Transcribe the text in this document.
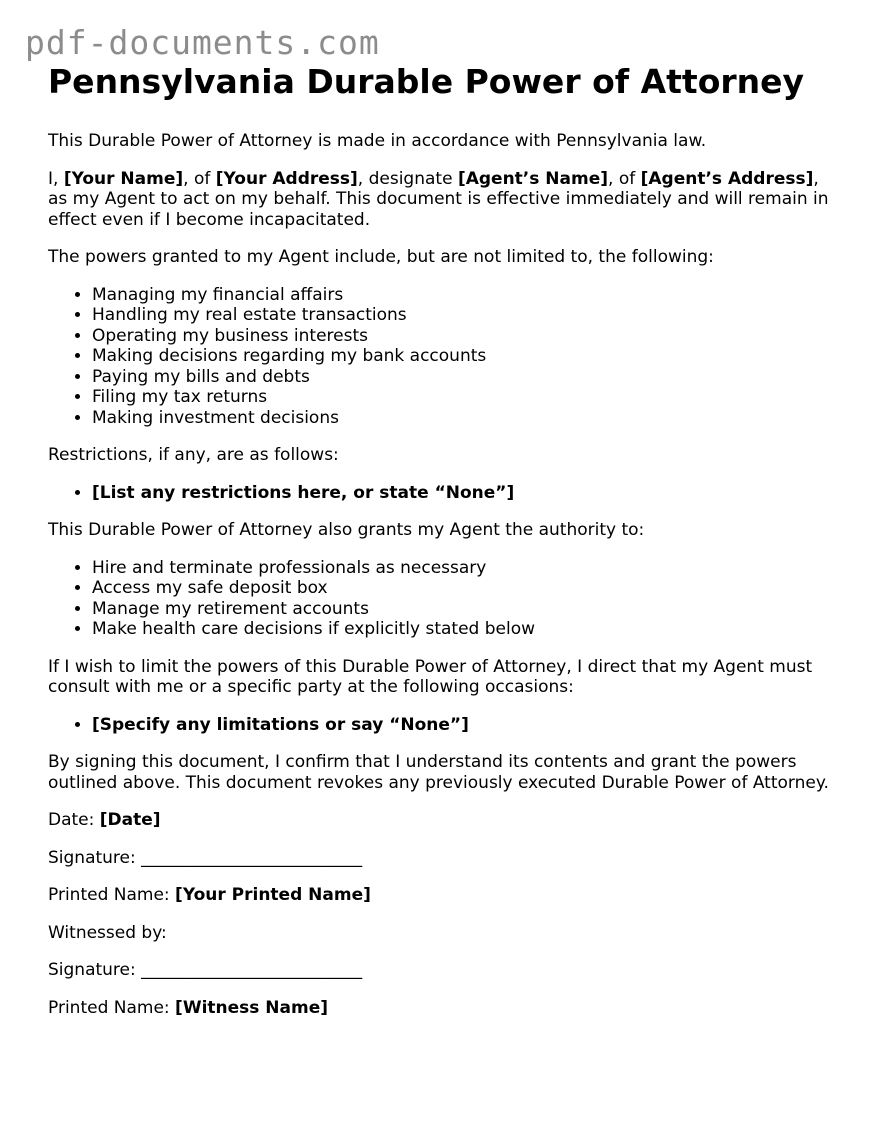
pdf-documents.com
Pennsylvania Durable Power of Attorney

This Durable Power of Attorney is made in accordance with Pennsylvania law.

I, [Your Name], of [Your Address], designate [Agent’s Name], of [Agent’s Address], as my Agent to act on my behalf. This document is effective immediately and will remain in effect even if I become incapacitated.

The powers granted to my Agent include, but are not limited to, the following:

• Managing my financial affairs
• Handling my real estate transactions
• Operating my business interests
• Making decisions regarding my bank accounts
• Paying my bills and debts
• Filing my tax returns
• Making investment decisions

Restrictions, if any, are as follows:

• [List any restrictions here, or state “None”]

This Durable Power of Attorney also grants my Agent the authority to:

• Hire and terminate professionals as necessary
• Access my safe deposit box
• Manage my retirement accounts
• Make health care decisions if explicitly stated below

If I wish to limit the powers of this Durable Power of Attorney, I direct that my Agent must consult with me or a specific party at the following occasions:

• [Specify any limitations or say “None”]

By signing this document, I confirm that I understand its contents and grant the powers outlined above. This document revokes any previously executed Durable Power of Attorney.

Date: [Date]

Signature: __________________________

Printed Name: [Your Printed Name]

Witnessed by:

Signature: __________________________

Printed Name: [Witness Name]
